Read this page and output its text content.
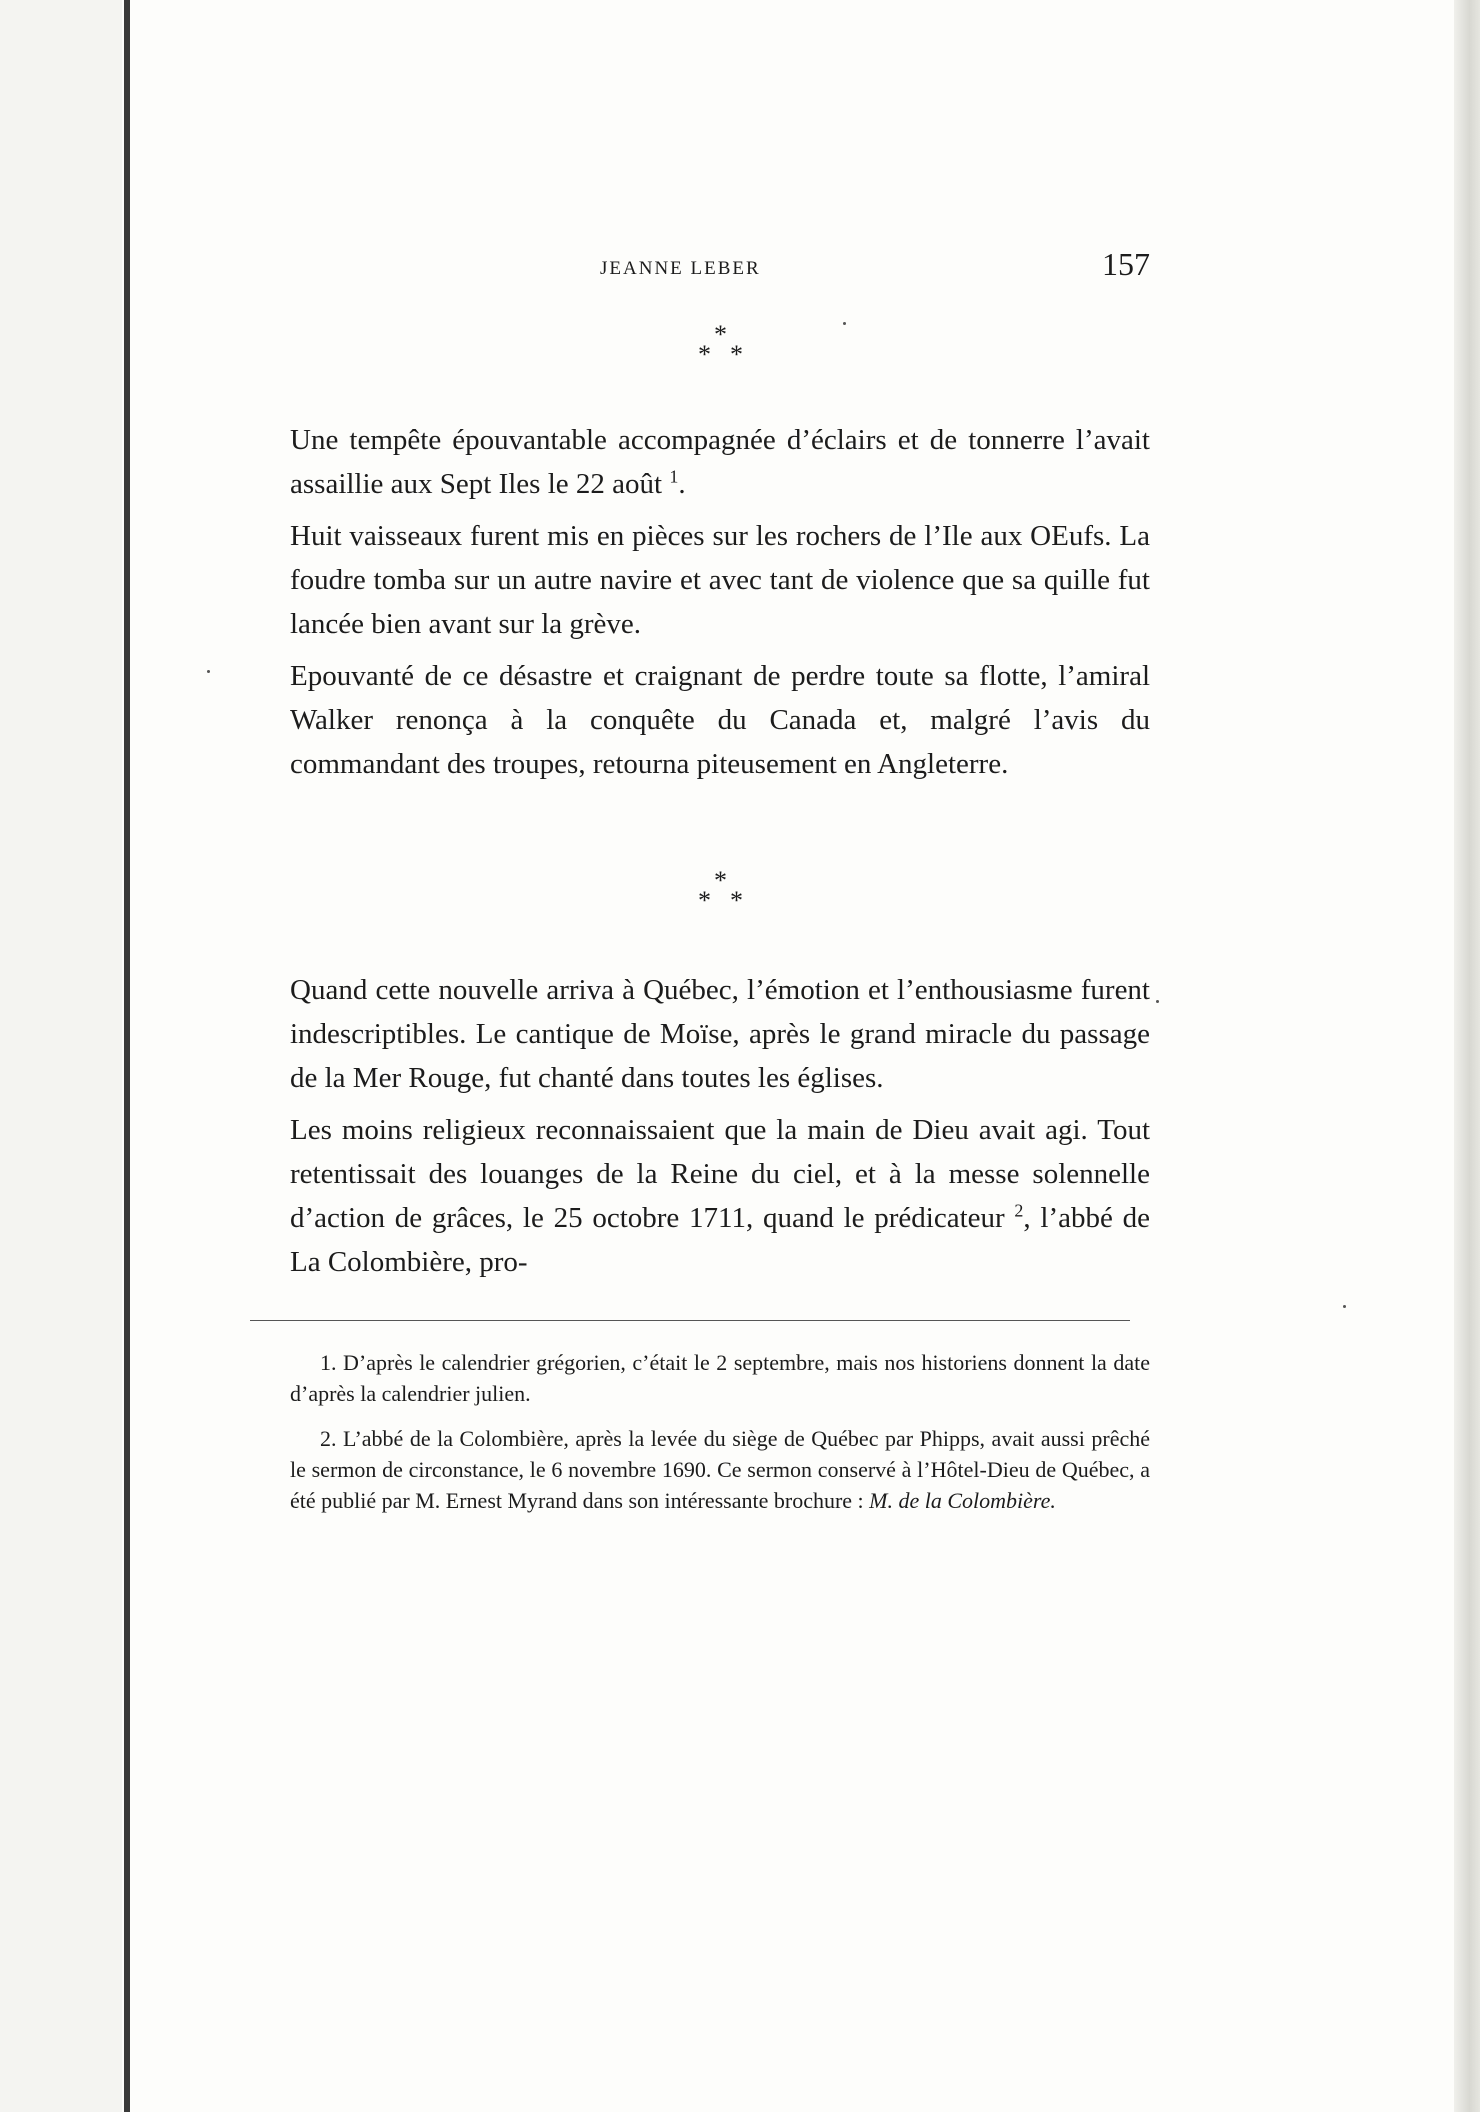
JEANNE LEBER	157
*
* *

Une tempête épouvantable accompagnée d’éclairs et de tonnerre l’avait assaillie aux Sept Iles le 22 août $^1$.

Huit vaisseaux furent mis en pièces sur les rochers de l’Ile aux OEufs. La foudre tomba sur un autre navire et avec tant de violence que sa quille fut lancée bien avant sur la grève.

Epouvanté de ce désastre et craignant de perdre toute sa flotte, l’amiral Walker renonça à la conquête du Canada et, malgré l’avis du commandant des troupes, retourna piteusement en Angleterre.

*
* *

Quand cette nouvelle arriva à Québec, l’émotion et l’enthousiasme furent indescriptibles. Le cantique de Moïse, après le grand miracle du passage de la Mer Rouge, fut chanté dans toutes les églises.

Les moins religieux reconnaissaient que la main de Dieu avait agi. Tout retentissait des louanges de la Reine du ciel, et à la messe solennelle d’action de grâces, le 25 octobre 1711, quand le prédicateur $^2$, l’abbé de La Colombière, pro-

1. D’après le calendrier grégorien, c’était le 2 septembre, mais nos historiens donnent la date d’après la calendrier julien.

2. L’abbé de la Colombière, après la levée du siège de Québec par Phipps, avait aussi prêché le sermon de circonstance, le 6 novembre 1690. Ce sermon conservé à l’Hôtel-Dieu de Québec, a été publié par M. Ernest Myrand dans son intéressante brochure : M. de la Colombière.
